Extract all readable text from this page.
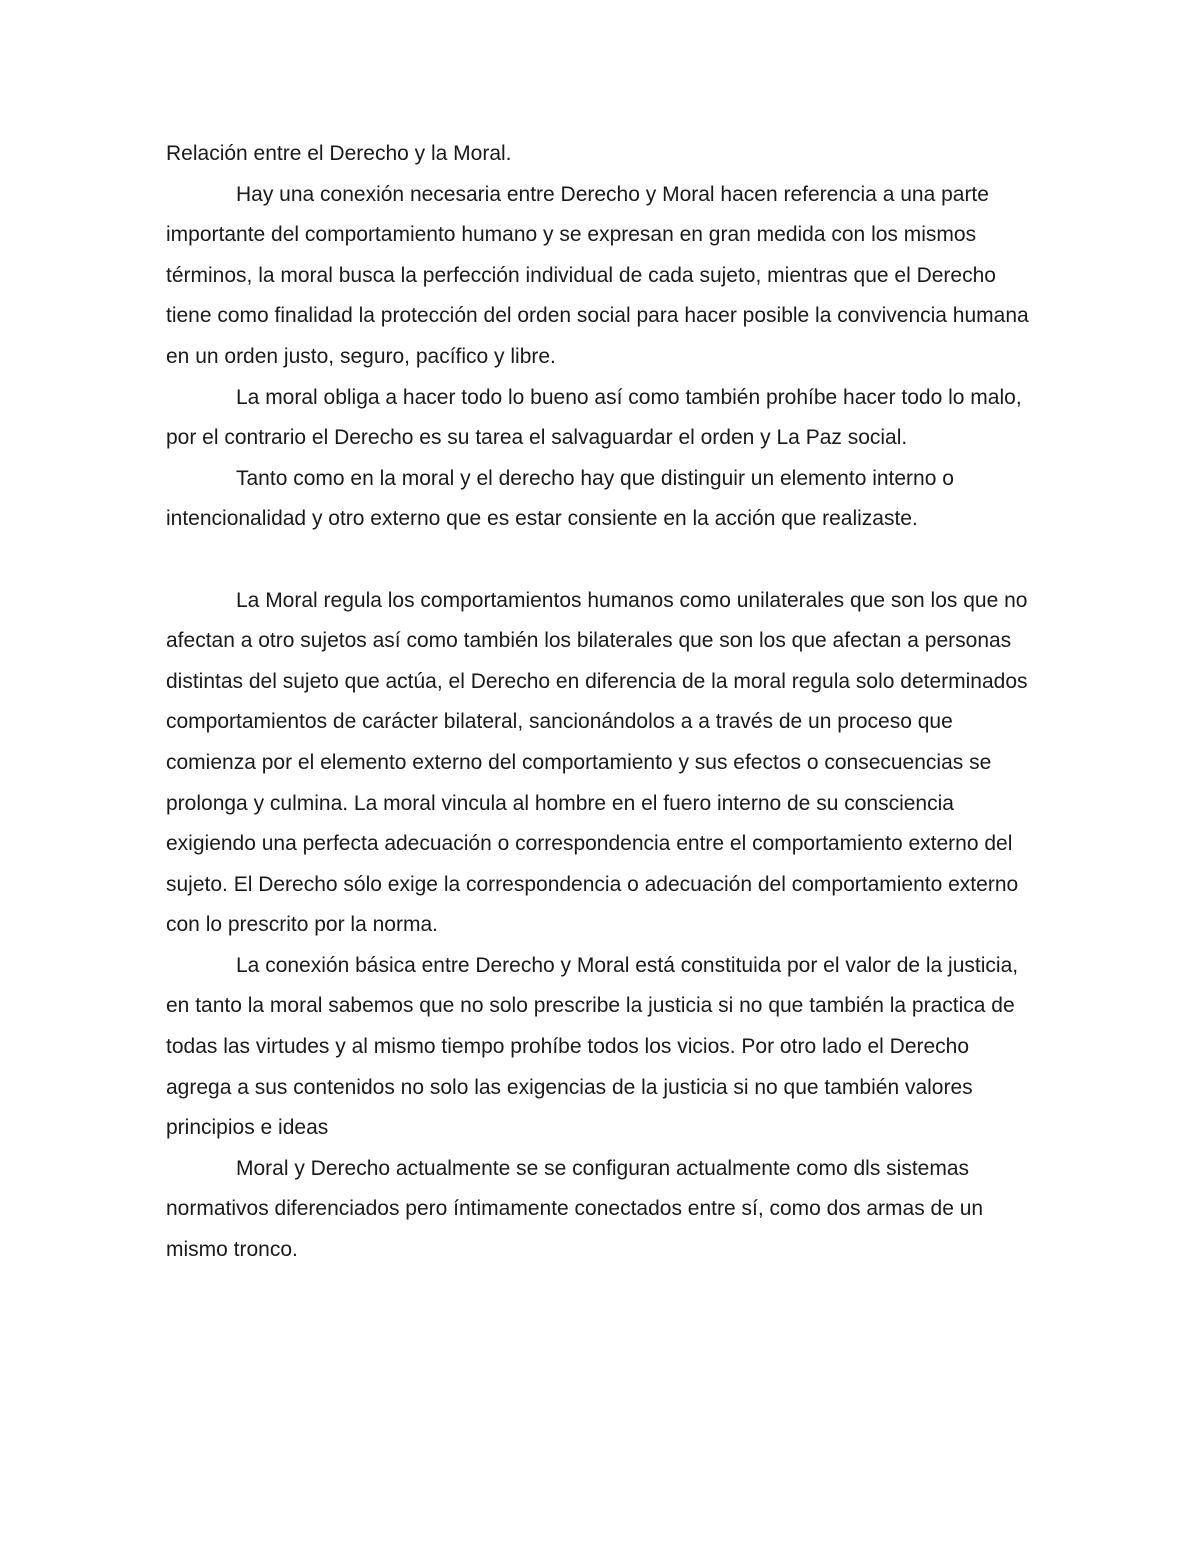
Relación entre el Derecho y la Moral.

Hay una conexión necesaria entre Derecho y Moral hacen referencia a una parte importante del comportamiento humano y se expresan en gran medida con los mismos términos, la moral busca la perfección individual de cada sujeto, mientras que el Derecho tiene como finalidad la protección del orden social para hacer posible la convivencia humana en un orden justo, seguro, pacífico y libre.

La moral obliga a hacer todo lo bueno así como también prohíbe hacer todo lo malo, por el contrario el Derecho es su tarea el salvaguardar el orden y La Paz social.

Tanto como en la moral y el derecho hay que distinguir un elemento interno o intencionalidad y otro externo que es estar consiente en la acción que realizaste.

La Moral regula los comportamientos humanos como unilaterales que son los que no afectan a otro sujetos así como también los bilaterales que son los que afectan a personas distintas del sujeto que actúa, el Derecho en diferencia de la moral regula solo determinados comportamientos de carácter bilateral, sancionándolos a a través de un proceso que comienza por el elemento externo del comportamiento y sus efectos o consecuencias se prolonga y culmina. La moral vincula al hombre en el fuero interno de su consciencia exigiendo una perfecta adecuación o correspondencia entre el comportamiento externo del sujeto. El Derecho sólo exige la correspondencia o adecuación del comportamiento externo con lo prescrito por la norma.

La conexión básica entre Derecho y Moral está constituida por el valor de la justicia, en tanto la moral sabemos que no solo prescribe la justicia si no que también la practica de todas las virtudes y al mismo tiempo prohíbe todos los vicios. Por otro lado el Derecho agrega a sus contenidos no solo las exigencias de la justicia si no que también valores principios e ideas

Moral y Derecho actualmente se se configuran actualmente como dls sistemas normativos diferenciados pero íntimamente conectados entre sí, como dos armas de un mismo tronco.
